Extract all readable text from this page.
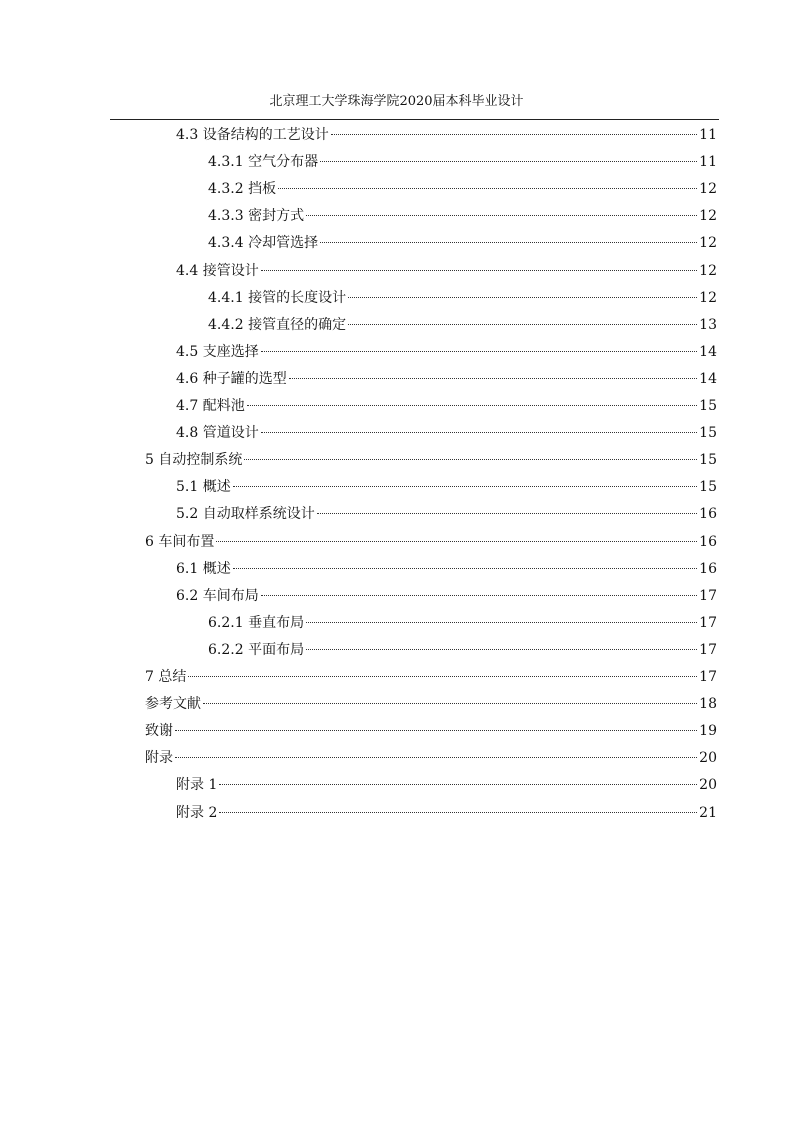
北京理工大学珠海学院2020届本科毕业设计
4.3 设备结构的工艺设计	11
4.3.1 空气分布器	11
4.3.2 挡板	12
4.3.3 密封方式	12
4.3.4 冷却管选择	12
4.4 接管设计	12
4.4.1 接管的长度设计	12
4.4.2 接管直径的确定	13
4.5 支座选择	14
4.6 种子罐的选型	14
4.7 配料池	15
4.8 管道设计	15
5 自动控制系统	15
5.1 概述	15
5.2 自动取样系统设计	16
6 车间布置	16
6.1 概述	16
6.2 车间布局	17
6.2.1 垂直布局	17
6.2.2 平面布局	17
7 总结	17
参考文献	18
致谢	19
附录	20
附录 1	20
附录 2	21
